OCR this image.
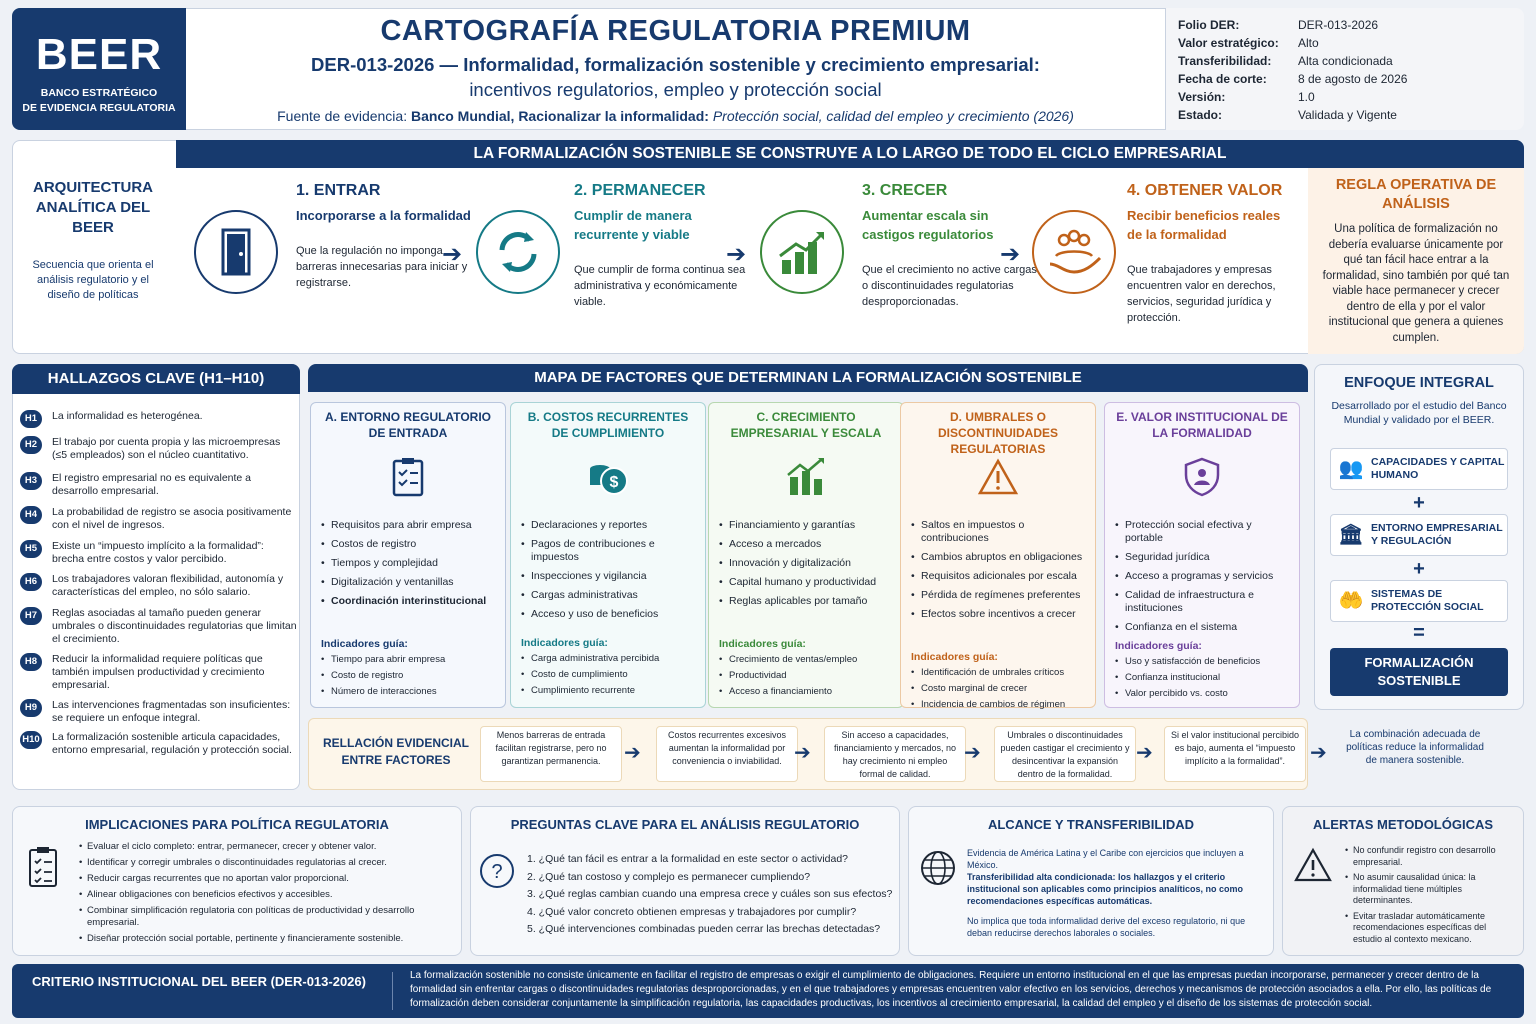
BEER
BANCO ESTRATÉGICO
DE EVIDENCIA REGULATORIA
CARTOGRAFÍA REGULATORIA PREMIUM
DER-013-2026 — Informalidad, formalización sostenible y crecimiento empresarial:
incentivos regulatorios, empleo y protección social
Fuente de evidencia: Banco Mundial, Racionalizar la informalidad: Protección social, calidad del empleo y crecimiento (2026)
Folio DER:	DER-013-2026
Valor estratégico:	Alto
Transferibilidad:	Alta condicionada
Fecha de corte:	8 de agosto de 2026
Versión:	1.0
Estado:	Validada y Vigente
LA FORMALIZACIÓN SOSTENIBLE SE CONSTRUYE A LO LARGO DE TODO EL CICLO EMPRESARIAL
ARQUITECTURA ANALÍTICA DEL BEER
Secuencia que orienta el análisis regulatorio y el diseño de políticas
1. ENTRAR
Incorporarse a la formalidad
Que la regulación no imponga barreras innecesarias para iniciar y registrarse.
➔
2. PERMANECER
Cumplir de manera recurrente y viable
Que cumplir de forma continua sea administrativa y económicamente viable.
➔
3. CRECER
Aumentar escala sin castigos regulatorios
Que el crecimiento no active cargas o discontinuidades regulatorias desproporcionadas.
➔
4. OBTENER VALOR
Recibir beneficios reales de la formalidad
Que trabajadores y empresas encuentren valor en derechos, servicios, seguridad jurídica y protección.
REGLA OPERATIVA DE ANÁLISIS
Una política de formalización no debería evaluarse únicamente por qué tan fácil hace entrar a la formalidad, sino también por qué tan viable hace permanecer y crecer dentro de ella y por el valor institucional que genera a quienes cumplen.
HALLAZGOS CLAVE (H1–H10)
H1	La informalidad es heterogénea.
H2	El trabajo por cuenta propia y las microempresas (≤5 empleados) son el núcleo cuantitativo.
H3	El registro empresarial no es equivalente a desarrollo empresarial.
H4	La probabilidad de registro se asocia positivamente con el nivel de ingresos.
H5	Existe un “impuesto implícito a la formalidad”: brecha entre costos y valor percibido.
H6	Los trabajadores valoran flexibilidad, autonomía y características del empleo, no sólo salario.
H7	Reglas asociadas al tamaño pueden generar umbrales o discontinuidades regulatorias que limitan el crecimiento.
H8	Reducir la informalidad requiere políticas que también impulsen productividad y crecimiento empresarial.
H9	Las intervenciones fragmentadas son insuficientes: se requiere un enfoque integral.
H10 La formalización sostenible articula capacidades, entorno empresarial, regulación y protección social.
MAPA DE FACTORES QUE DETERMINAN LA FORMALIZACIÓN SOSTENIBLE
A. ENTORNO REGULATORIO DE ENTRADA
• Requisitos para abrir empresa
• Costos de registro
• Tiempos y complejidad
• Digitalización y ventanillas
• Coordinación interinstitucional
Indicadores guía:
• Tiempo para abrir empresa
• Costo de registro
• Número de interacciones
B. COSTOS RECURRENTES DE CUMPLIMIENTO
$
• Declaraciones y reportes
• Pagos de contribuciones e impuestos
• Inspecciones y vigilancia
• Cargas administrativas
• Acceso y uso de beneficios
Indicadores guía:
• Carga administrativa percibida
• Costo de cumplimiento
• Cumplimiento recurrente
C. CRECIMIENTO EMPRESARIAL Y ESCALA
• Financiamiento y garantías
• Acceso a mercados
• Innovación y digitalización
• Capital humano y productividad
• Reglas aplicables por tamaño
Indicadores guía:
• Crecimiento de ventas/empleo
• Productividad
• Acceso a financiamiento
D. UMBRALES O DISCONTINUIDADES REGULATORIAS
• Saltos en impuestos o contribuciones
• Cambios abruptos en obligaciones
• Requisitos adicionales por escala
• Pérdida de regímenes preferentes
• Efectos sobre incentivos a crecer
Indicadores guía:
• Identificación de umbrales críticos
• Costo marginal de crecer
• Incidencia de cambios de régimen
E. VALOR INSTITUCIONAL DE LA FORMALIDAD
• Protección social efectiva y portable
• Seguridad jurídica
• Acceso a programas y servicios
• Calidad de infraestructura e instituciones
• Confianza en el sistema
Indicadores guía:
• Uso y satisfacción de beneficios
• Confianza institucional
• Valor percibido vs. costo
RELLACIÓN EVIDENCIAL ENTRE FACTORES
Menos barreras de entrada facilitan registrarse, pero no garantizan permanencia.	➔
Costos recurrentes excesivos aumentan la informalidad por conveniencia o inviabilidad. ➔
Sin acceso a capacidades, financiamiento y mercados, no hay crecimiento ni empleo formal de calidad.
➔
Umbrales o discontinuidades pueden castigar el crecimiento y desincentivar la expansión dentro de la formalidad.
➔
Si el valor institucional percibido es bajo, aumenta el “impuesto implícito a la formalidad”.	➔
La combinación adecuada de políticas reduce la informalidad de manera sostenible.
ENFOQUE INTEGRAL
Desarrollado por el estudio del Banco Mundial y validado por el BEER.
👥 CAPACIDADES Y CAPITAL HUMANO
+
🏛 ENTORNO EMPRESARIAL Y REGULACIÓN
+
🤲 SISTEMAS DE PROTECCIÓN SOCIAL
=
FORMALIZACIÓN SOSTENIBLE
IMPLICACIONES PARA POLÍTICA REGULATORIA
• Evaluar el ciclo completo: entrar, permanecer, crecer y obtener valor.
• Identificar y corregir umbrales o discontinuidades regulatorias al crecer.
• Reducir cargas recurrentes que no aportan valor proporcional.
• Alinear obligaciones con beneficios efectivos y accesibles.
• Combinar simplificación regulatoria con políticas de productividad y desarrollo empresarial.
• Diseñar protección social portable, pertinente y financieramente sostenible.
PREGUNTAS CLAVE PARA EL ANÁLISIS REGULATORIO
?
1. ¿Qué tan fácil es entrar a la formalidad en este sector o actividad?
2. ¿Qué tan costoso y complejo es permanecer cumpliendo?
3. ¿Qué reglas cambian cuando una empresa crece y cuáles son sus efectos?
4. ¿Qué valor concreto obtienen empresas y trabajadores por cumplir?
5. ¿Qué intervenciones combinadas pueden cerrar las brechas detectadas?
ALCANCE Y TRANSFERIBILIDAD
Evidencia de América Latina y el Caribe con ejercicios que incluyen a México.
Transferibilidad alta condicionada: los hallazgos y el criterio institucional son aplicables como principios analíticos, no como recomendaciones específicas automáticas.
No implica que toda informalidad derive del exceso regulatorio, ni que deban reducirse derechos laborales o sociales.
ALERTAS METODOLÓGICAS
• No confundir registro con desarrollo empresarial.
• No asumir causalidad única: la informalidad tiene múltiples determinantes.
• Evitar trasladar automáticamente recomendaciones específicas del estudio al contexto mexicano.
CRITERIO INSTITUCIONAL DEL BEER (DER-013-2026)	La formalización sostenible no consiste únicamente en facilitar el registro de empresas o exigir el cumplimiento de obligaciones. Requiere un entorno institucional en el que las empresas puedan incorporarse, permanecer y crecer dentro de la formalidad sin enfrentar cargas o discontinuidades regulatorias desproporcionadas, y en el que trabajadores y empresas encuentren valor efectivo en los servicios, derechos y mecanismos de protección asociados a ella. Por ello, las políticas de formalización deben considerar conjuntamente la simplificación regulatoria, las capacidades productivas, los incentivos al crecimiento empresarial, la calidad del empleo y el diseño de los sistemas de protección social.
